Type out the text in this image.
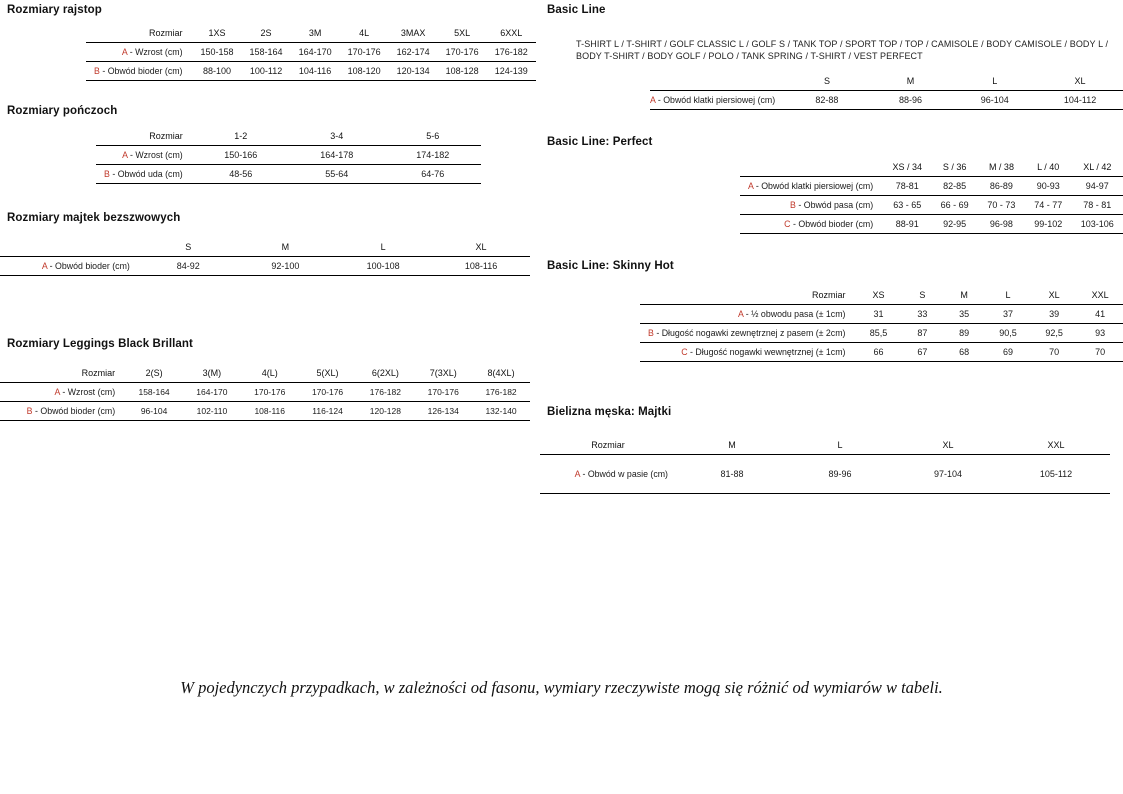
Rozmiary rajstop
Rozmiar	1XS	2S	3M	4L	3MAX	5XL	6XXL
A - Wzrost (cm)	150-158	158-164	164-170	170-176	162-174	170-176	176-182
B - Obwód bioder (cm)	88-100	100-112	104-116	108-120	120-134	108-128	124-139
Rozmiary pończoch
Rozmiar	1-2	3-4	5-6
A - Wzrost (cm)	150-166	164-178	174-182
B - Obwód uda (cm)	48-56	55-64	64-76
Rozmiary majtek bezszwowych
	S	M	L	XL
A - Obwód bioder (cm)	84-92	92-100	100-108	108-116
Rozmiary Leggings Black Brillant
Rozmiar	2(S)	3(M)	4(L)	5(XL)	6(2XL)	7(3XL)	8(4XL)
A - Wzrost (cm)	158-164	164-170	170-176	170-176	176-182	170-176	176-182
B - Obwód bioder (cm)	96-104	102-110	108-116	116-124	120-128	126-134	132-140
Basic Line
T-SHIRT L / T-SHIRT / GOLF CLASSIC L / GOLF S / TANK TOP / SPORT TOP / TOP / CAMISOLE / BODY CAMISOLE / BODY L / BODY T-SHIRT / BODY GOLF / POLO / TANK SPRING / T-SHIRT / VEST PERFECT
	S	M	L	XL
A - Obwód klatki piersiowej (cm)	82-88	88-96	96-104	104-112
Basic Line: Perfect
	XS / 34	S / 36	M / 38	L / 40	XL / 42
A - Obwód klatki piersiowej (cm)	78-81	82-85	86-89	90-93	94-97
B - Obwód pasa (cm)	63 - 65	66 - 69	70 - 73	74 - 77	78 - 81
C - Obwód bioder (cm)	88-91	92-95	96-98	99-102	103-106
Basic Line: Skinny Hot
Rozmiar	XS	S	M	L	XL	XXL
A - ½ obwodu pasa (± 1cm)	31	33	35	37	39	41
B - Długość nogawki zewnętrznej z pasem (± 2cm)	85,5	87	89	90,5	92,5	93
C - Długość nogawki wewnętrznej (± 1cm)	66	67	68	69	70	70
Bielizna męska: Majtki
Rozmiar	M	L	XL	XXL
A - Obwód w pasie (cm)	81-88	89-96	97-104	105-112
W pojedynczych przypadkach, w zależności od fasonu, wymiary rzeczywiste mogą się różnić od wymiarów w tabeli.
